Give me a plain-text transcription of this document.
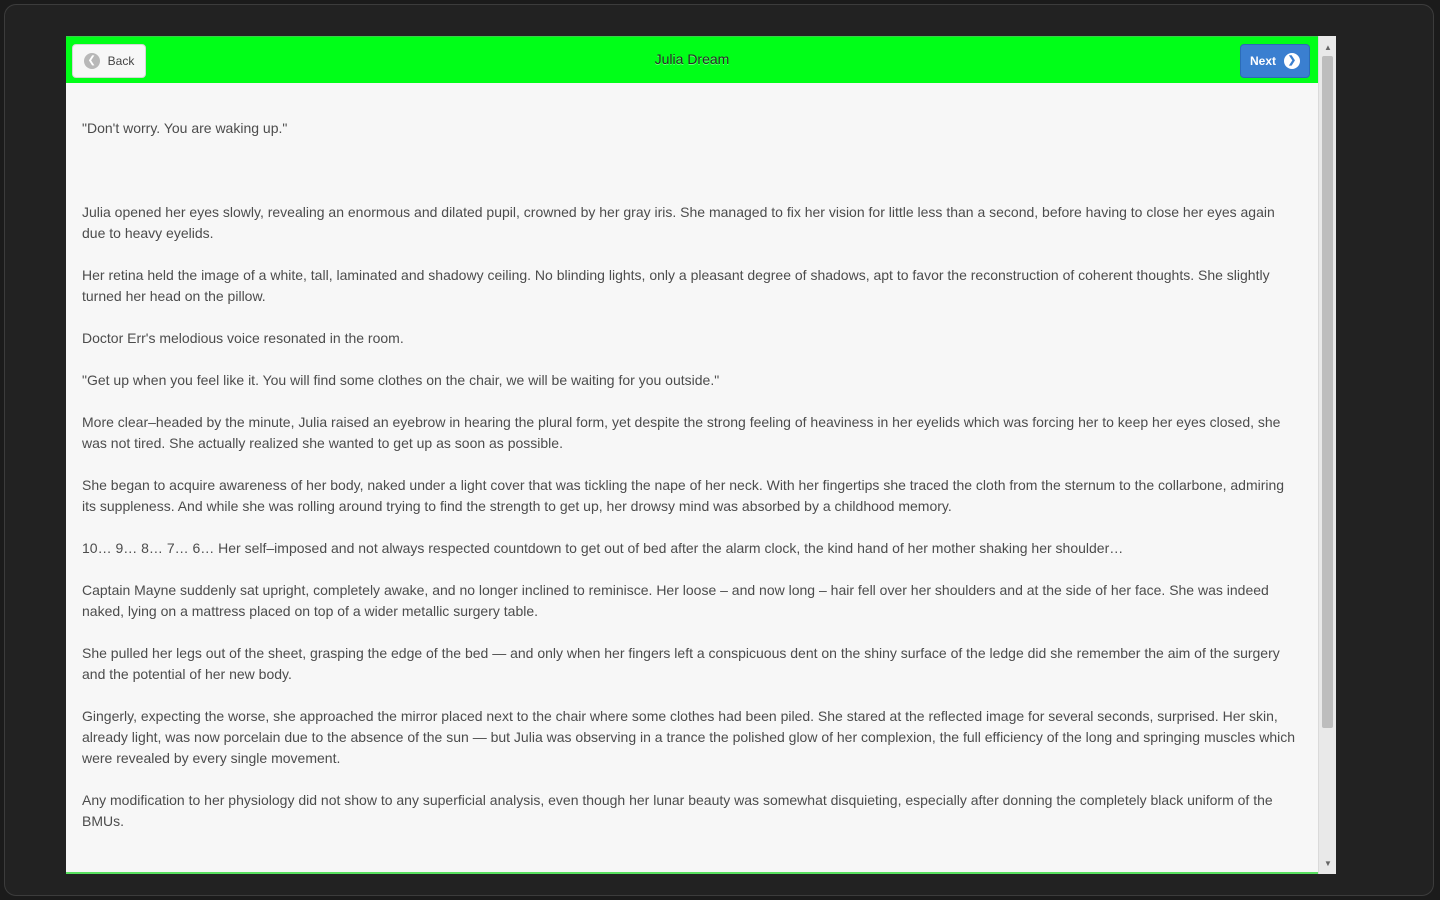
❮ Back	Julia Dream	Next	❯

"Don't worry. You are waking up."

Julia opened her eyes slowly, revealing an enormous and dilated pupil, crowned by her gray iris. She managed to fix her vision for little less than a second, before having to close her eyes again due to heavy eyelids.

Her retina held the image of a white, tall, laminated and shadowy ceiling. No blinding lights, only a pleasant degree of shadows, apt to favor the reconstruction of coherent thoughts. She slightly turned her head on the pillow.

Doctor Err's melodious voice resonated in the room.

"Get up when you feel like it. You will find some clothes on the chair, we will be waiting for you outside."

More clear–headed by the minute, Julia raised an eyebrow in hearing the plural form, yet despite the strong feeling of heaviness in her eyelids which was forcing her to keep her eyes closed, she was not tired. She actually realized she wanted to get up as soon as possible.

She began to acquire awareness of her body, naked under a light cover that was tickling the nape of her neck. With her fingertips she traced the cloth from the sternum to the collarbone, admiring its suppleness. And while she was rolling around trying to find the strength to get up, her drowsy mind was absorbed by a childhood memory.

10… 9… 8… 7… 6… Her self–imposed and not always respected countdown to get out of bed after the alarm clock, the kind hand of her mother shaking her shoulder…

Captain Mayne suddenly sat upright, completely awake, and no longer inclined to reminisce. Her loose – and now long – hair fell over her shoulders and at the side of her face. She was indeed naked, lying on a mattress placed on top of a wider metallic surgery table.

She pulled her legs out of the sheet, grasping the edge of the bed — and only when her fingers left a conspicuous dent on the shiny surface of the ledge did she remember the aim of the surgery and the potential of her new body.

Gingerly, expecting the worse, she approached the mirror placed next to the chair where some clothes had been piled. She stared at the reflected image for several seconds, surprised. Her skin, already light, was now porcelain due to the absence of the sun — but Julia was observing in a trance the polished glow of her complexion, the full efficiency of the long and springing muscles which were revealed by every single movement.

Any modification to her physiology did not show to any superficial analysis, even though her lunar beauty was somewhat disquieting, especially after donning the completely black uniform of the BMUs.

▲
▼
